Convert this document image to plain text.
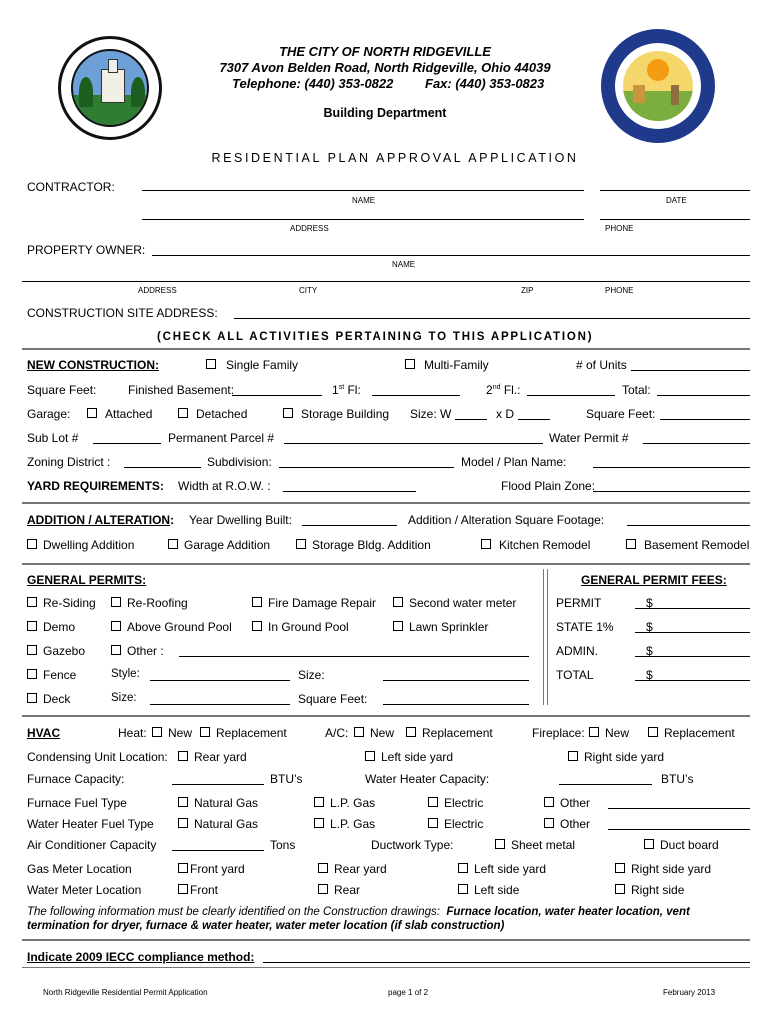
THE CITY OF NORTH RIDGEVILLE
7307 Avon Belden Road, North Ridgeville, Ohio 44039
Telephone: (440) 353-0822 Fax: (440) 353-0823
Building Department
RESIDENTIAL PLAN APPROVAL APPLICATION
CONTRACTOR:
NAME	DATE
ADDRESS	PHONE
PROPERTY OWNER:
NAME
ADDRESS	CITY	ZIP	PHONE
CONSTRUCTION SITE ADDRESS:
(CHECK ALL ACTIVITIES PERTAINING TO THIS APPLICATION)
NEW CONSTRUCTION:	Single Family	Multi-Family	# of Units
Square Feet:	Finished Basement:	1st Fl:	2nd Fl.:	Total:
Garage:	Attached	Detached	Storage Building Size: W	x D	Square Feet:
Sub Lot #	Permanent Parcel #	Water Permit #
Zoning District :	Subdivision:	Model / Plan Name:
YARD REQUIREMENTS: Width at R.O.W. :	Flood Plain Zone:
ADDITION / ALTERATION: Year Dwelling Built:	Addition / Alteration Square Footage:
Dwelling Addition	Garage Addition	Storage Bldg. Addition	Kitchen Remodel	Basement Remodel
GENERAL PERMITS:	GENERAL PERMIT FEES:
Re-Siding	Re-Roofing	Fire Damage Repair	Second water meter	PERMIT	$
Demo	Above Ground Pool	In Ground Pool	Lawn Sprinkler	STATE 1%	$
Gazebo	Other :	ADMIN.	$
Fence	Style:	Size:	TOTAL	$
Deck	Size:	Square Feet:
HVAC	Heat: New Replacement	A/C: New Replacement	Fireplace: New	Replacement
Condensing Unit Location: Rear yard	Left side yard	Right side yard
Furnace Capacity:	BTU’s	Water Heater Capacity:	BTU’s
Furnace Fuel Type	Natural Gas	L.P. Gas	Electric	Other
Water Heater Fuel Type	Natural Gas	L.P. Gas	Electric	Other
Air Conditioner Capacity	Tons	Ductwork Type:	Sheet metal	Duct board
Gas Meter Location	Front yard	Rear yard	Left side yard	Right side yard
Water Meter Location	Front	Rear	Left side	Right side
The following information must be clearly identified on the Construction drawings: Furnace location, water heater location, vent
termination for dryer, furnace & water heater, water meter location (if slab construction)
Indicate 2009 IECC compliance method:
North Ridgeville Residential Permit Application	page 1 of 2	February 2013
